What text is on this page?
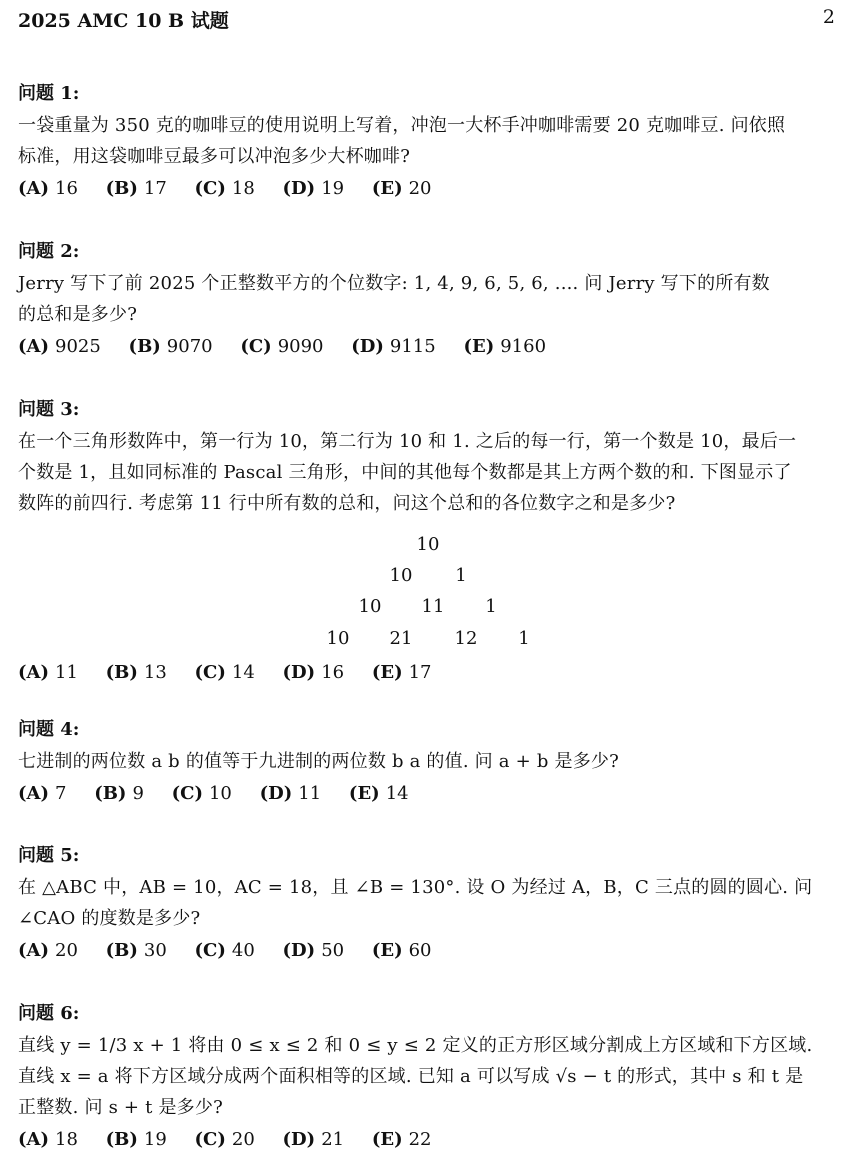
2025 AMC 10 B 试题	2
问题 1:
一袋重量为 350 克的咖啡豆的使用说明上写着，冲泡一大杯手冲咖啡需要 20 克咖啡豆. 问依照
标准，用这袋咖啡豆最多可以冲泡多少大杯咖啡?
(A) 16 (B) 17 (C) 18 (D) 19 (E) 20
问题 2:
Jerry 写下了前 2025 个正整数平方的个位数字: 1, 4, 9, 6, 5, 6, .... 问 Jerry 写下的所有数
的总和是多少?
(A) 9025 (B) 9070 (C) 9090 (D) 9115 (E) 9160
问题 3:
在一个三角形数阵中，第一行为 10，第二行为 10 和 1. 之后的每一行，第一个数是 10，最后一
个数是 1，且如同标准的 Pascal 三角形，中间的其他每个数都是其上方两个数的和. 下图显示了
数阵的前四行. 考虑第 11 行中所有数的总和，问这个总和的各位数字之和是多少?
10
10 1
10 11 1
10 21 12 1
(A) 11 (B) 13 (C) 14 (D) 16 (E) 17
问题 4:
七进制的两位数 a b 的值等于九进制的两位数 b a 的值. 问 a + b 是多少?
(A) 7 (B) 9 (C) 10 (D) 11 (E) 14
问题 5:
在 △ABC 中，AB = 10，AC = 18，且 ∠B = 130°. 设 O 为经过 A，B，C 三点的圆的圆心. 问
∠CAO 的度数是多少?
(A) 20 (B) 30 (C) 40 (D) 50 (E) 60
问题 6:
直线 y = 1/3 x + 1 将由 0 ≤ x ≤ 2 和 0 ≤ y ≤ 2 定义的正方形区域分割成上方区域和下方区域.
直线 x = a 将下方区域分成两个面积相等的区域. 已知 a 可以写成 √s − t 的形式，其中 s 和 t 是
正整数. 问 s + t 是多少?
(A) 18 (B) 19 (C) 20 (D) 21 (E) 22
